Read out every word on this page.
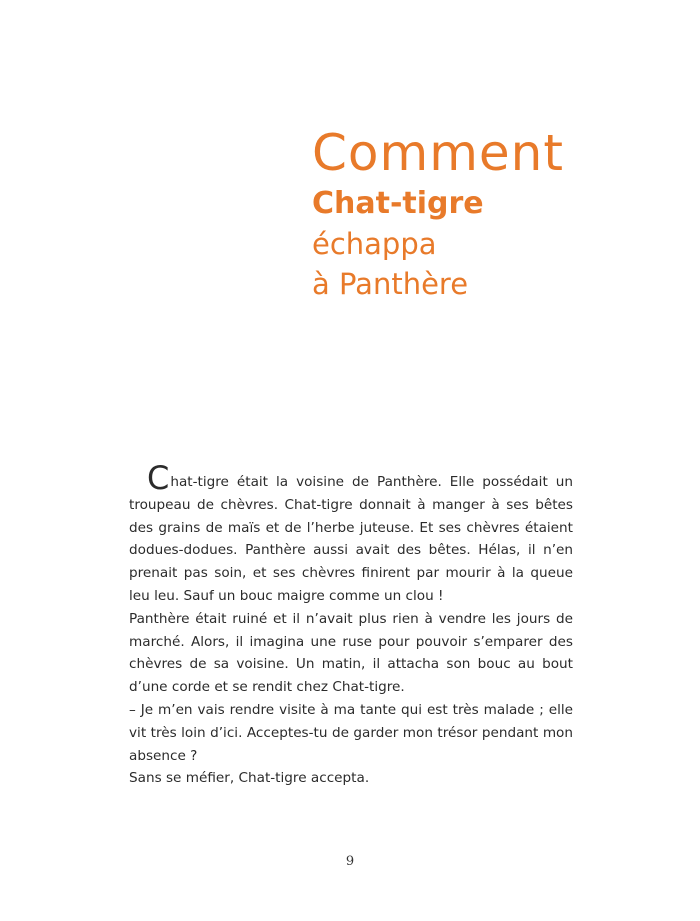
Comment
Chat-tigre
échappa
à Panthère

Chat-tigre était la voisine de Panthère. Elle possédait un troupeau de chèvres. Chat-tigre donnait à manger à ses bêtes des grains de maïs et de l’herbe juteuse. Et ses chèvres étaient dodues-dodues. Panthère aussi avait des bêtes. Hélas, il n’en prenait pas soin, et ses chèvres finirent par mourir à la queue leu leu. Sauf un bouc maigre comme un clou !

Panthère était ruiné et il n’avait plus rien à vendre les jours de marché. Alors, il imagina une ruse pour pouvoir s’emparer des chèvres de sa voisine. Un matin, il attacha son bouc au bout d’une corde et se rendit chez Chat-tigre.

– Je m’en vais rendre visite à ma tante qui est très malade ; elle vit très loin d’ici. Acceptes-tu de garder mon trésor pendant mon absence ?

Sans se méfier, Chat-tigre accepta.

9
